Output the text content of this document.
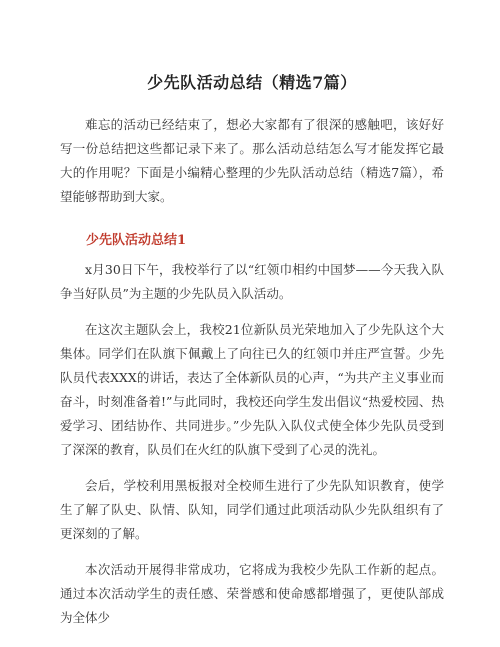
少先队活动总结（精选7篇）

难忘的活动已经结束了，想必大家都有了很深的感触吧，该好好写一份总结把这些都记录下来了。那么活动总结怎么写才能发挥它最大的作用呢？下面是小编精心整理的少先队活动总结（精选7篇），希望能够帮助到大家。

少先队活动总结1

x月30日下午，我校举行了以“红领巾相约中国梦——今天我入队争当好队员”为主题的少先队员入队活动。

在这次主题队会上，我校21位新队员光荣地加入了少先队这个大集体。同学们在队旗下佩戴上了向往已久的红领巾并庄严宣誓。少先队员代表XXX的讲话，表达了全体新队员的心声，“为共产主义事业而奋斗，时刻准备着!”与此同时，我校还向学生发出倡议“热爱校园、热爱学习、团结协作、共同进步。”少先队入队仪式使全体少先队员受到了深深的教育，队员们在火红的队旗下受到了心灵的洗礼。

会后，学校利用黑板报对全校师生进行了少先队知识教育，使学生了解了队史、队情、队知，同学们通过此项活动队少先队组织有了更深刻的了解。

本次活动开展得非常成功，它将成为我校少先队工作新的起点。通过本次活动学生的责任感、荣誉感和使命感都增强了，更使队部成为全体少
